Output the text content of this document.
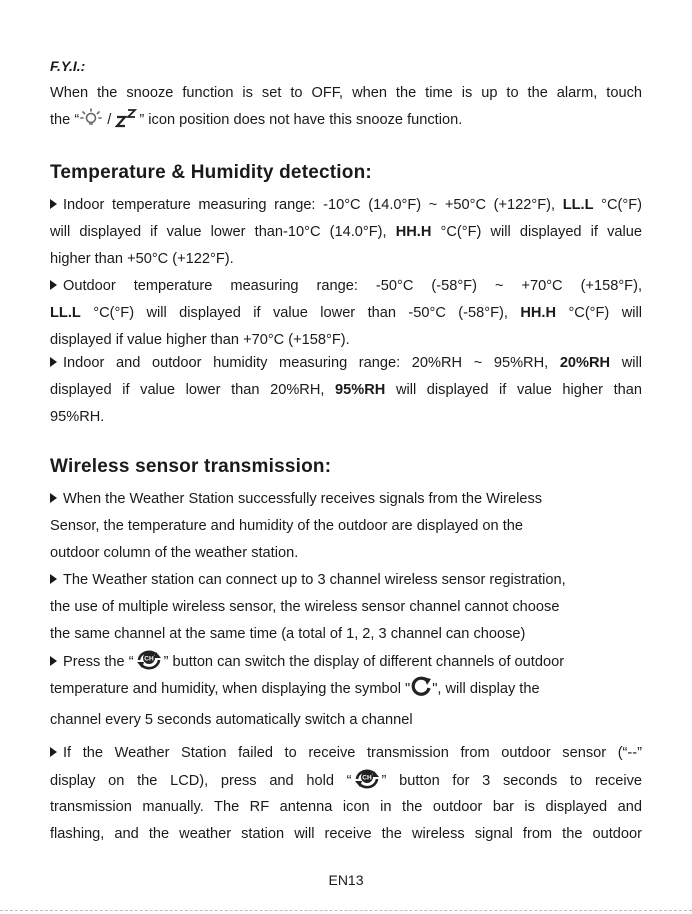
F.Y.I.:
When the snooze function is set to OFF, when the time is up to the alarm, touch
the “ / ” icon position does not have this snooze function.
Temperature & Humidity detection:
Indoor temperature measuring range: -10°C (14.0°F) ~ +50°C (+122°F), LL.L °C(°F)
will displayed if value lower than-10°C (14.0°F), HH.H °C(°F) will displayed if value
higher than +50°C (+122°F).
Outdoor temperature measuring range: -50°C (-58°F) ~ +70°C (+158°F),
LL.L °C(°F) will displayed if value lower than -50°C (-58°F), HH.H °C(°F) will
displayed if value higher than +70°C (+158°F).
Indoor and outdoor humidity measuring range: 20%RH ~ 95%RH, 20%RH will
displayed if value lower than 20%RH, 95%RH will displayed if value higher than
95%RH.
Wireless sensor transmission:
When the Weather Station successfully receives signals from the Wireless
Sensor, the temperature and humidity of the outdoor are displayed on the
outdoor column of the weather station.
The Weather station can connect up to 3 channel wireless sensor registration,
the use of multiple wireless sensor, the wireless sensor channel cannot choose
the same channel at the same time (a total of 1, 2, 3 channel can choose)
Press the “ CH ” button can switch the display of different channels of outdoor
temperature and humidity, when displaying the symbol " ", will display the
channel every 5 seconds automatically switch a channel
If the Weather Station failed to receive transmission from outdoor sensor (“--”
display on the LCD), press and hold “ CH ” button for 3 seconds to receive
transmission manually. The RF antenna icon in the outdoor bar is displayed and
flashing, and the weather station will receive the wireless signal from the outdoor
EN13
